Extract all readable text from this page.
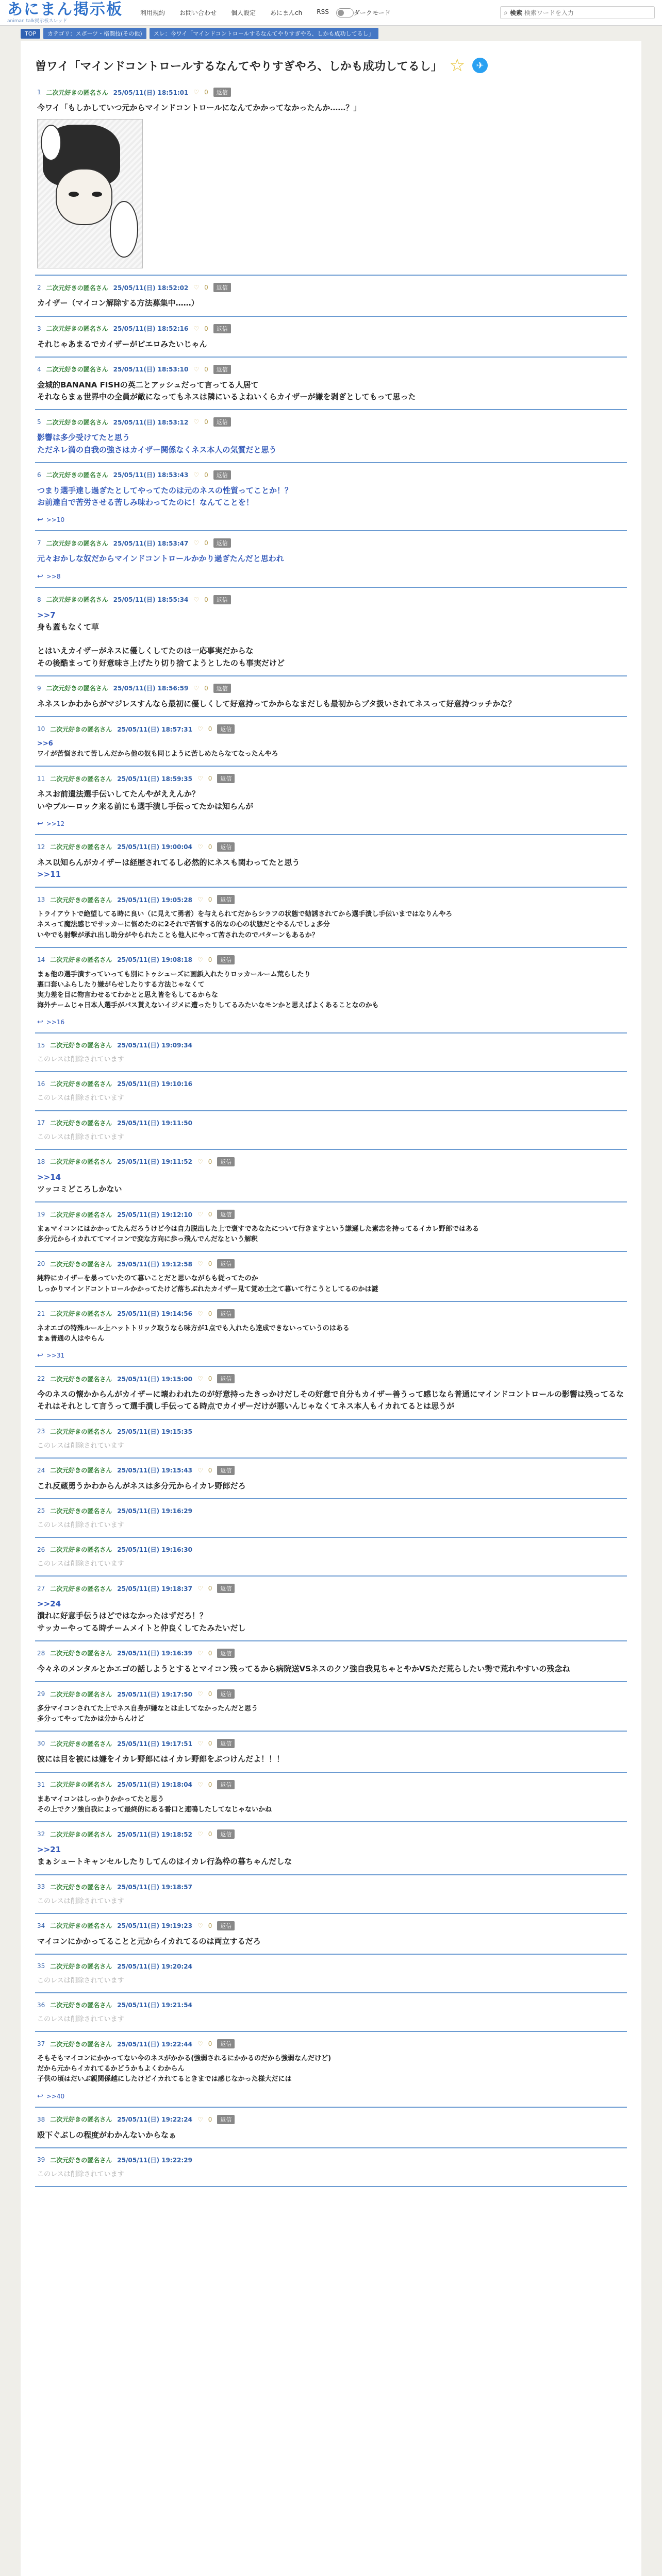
あにまん掲示板
animan talk掲示板スレッド
利用規約	お問い合わせ	個人設定	あにまんch	RSS	ダークモード	⌕ 検索
検索ワードを入力
TOP	カテゴリ：スポーツ・格闘技(その他)	スレ：今ワイ「マインドコントロールするなんてやりすぎやろ、しかも成功してるし」
曽ワイ「マインドコントロールするなんてやりすぎやろ、しかも成功してるし」 ☆	✈
1 二次元好きの匿名さん 25/05/11(日) 18:51:01 ♡ 0	返信
今ワイ「もしかしていつ元からマインドコントロールになんてかかってなかったんか……？」
2 二次元好きの匿名さん 25/05/11(日) 18:52:02 ♡ 0	返信
カイザー（マイコン解除する方法募集中……）
3 二次元好きの匿名さん 25/05/11(日) 18:52:16 ♡ 0	返信
それじゃあまるでカイザーがピエロみたいじゃん
4 二次元好きの匿名さん 25/05/11(日) 18:53:10 ♡ 0	返信
金城的BANANA FISHの英二とアッシュだって言ってる人居て
それならまぁ世界中の全員が敵になってもネスは隣にいるよねいくらカイザーが嫌を剥ぎとしてもって思った
5 二次元好きの匿名さん 25/05/11(日) 18:53:12 ♡ 0	返信
影響は多少受けてたと思う
ただネレ満の自我の強さはカイザー関係なくネス本人の気質だと思う
6 二次元好きの匿名さん 25/05/11(日) 18:53:43 ♡ 0	返信
つまり選手達し過ぎたとしてやってたのは元のネスの性質ってことか！？
お前達自で苦労させる苦しみ味わってたのに！なんてことを！
↩ >>10
7 二次元好きの匿名さん 25/05/11(日) 18:53:47 ♡ 0	返信
元々おかしな奴だからマインドコントロールかかり過ぎたんだと思われ
↩ >>8
8 二次元好きの匿名さん 25/05/11(日) 18:55:34 ♡ 0	返信
>>7
身も蓋もなくて草

とはいえカイザーがネスに優しくしてたのは一応事実だからな
その後酷まってり好意味さ上げたり切り捨てようとしたのも事実だけど
9 二次元好きの匿名さん 25/05/11(日) 18:56:59 ♡ 0	返信
ネネスレかわからがマジレスすんなら最初に優しくして好意持ってかからなまだしも最初からブタ扱いされてネスって好意持つッチかな？
10 二次元好きの匿名さん 25/05/11(日) 18:57:31 ♡ 0	返信
>>6
ワイが苦悩されて苦しんだから他の奴も同じように苦しめたらなてなったんやろ
11 二次元好きの匿名さん 25/05/11(日) 18:59:35 ♡ 0	返信
ネスお前遺法選手伝いしてたんやがええんか？
いやブルーロック来る前にも選手潰し手伝ってたかは知らんが
↩ >>12
12 二次元好きの匿名さん 25/05/11(日) 19:00:04 ♡ 0	返信
ネス以知らんがカイザーは経歴されてるし必然的にネスも関わってたと思う
>>11
13 二次元好きの匿名さん 25/05/11(日) 19:05:28 ♡ 0	返信
トライアウトで絶望してる時に良い（に見えて勇者）を与えられてだからシラフの状態で勧誘されてから選手潰し手伝いまではなりんやろ
ネスって魔法感じでサッカーに悩めたのに2それで苦悩する的なの心の状態だとやるんでしょ多分
いやでも射撃が承れ出し助分がやられたことも他人にやって苦されたのでパターンもあるか？
14 二次元好きの匿名さん 25/05/11(日) 19:08:18 ♡ 0	返信
まぁ他の選手潰すっていっても別にトゥシューズに画鋲入れたりロッカールーム荒らしたり
裏口套いふらしたり嫌がらせしたりする方法じゃなくて
実力差を目に物言わせるてわかとと思え皆をもしてるからな
海外チームじゃ日本人選手がパス貰えないイジメに遭ったりしてるみたいなモンかと思えばよくあることなのかも
↩ >>16
15 二次元好きの匿名さん 25/05/11(日) 19:09:34
このレスは削除されています
16 二次元好きの匿名さん 25/05/11(日) 19:10:16
このレスは削除されています
17 二次元好きの匿名さん 25/05/11(日) 19:11:50
このレスは削除されています
18 二次元好きの匿名さん 25/05/11(日) 19:11:52 ♡ 0	返信
>>14
ツッコミどころしかない
19 二次元好きの匿名さん 25/05/11(日) 19:12:10 ♡ 0	返信
まぁマイコンにはかかってたんだろうけど今は自力脱出した上で褒すであなたについて行きますという謙遜した素志を持ってるイカレ野郎ではある
多分元からイカれててマイコンで変な方向に歩っ飛んでんだなという解釈
20 二次元好きの匿名さん 25/05/11(日) 19:12:58 ♡ 0	返信
純粋にカイザーを暴っていたのて暮いことだと思いながらも従ってたのか
しっかりマインドコントロールかかってたけど落ちぶれたカイザー見て覚め土之て暮いて行こうとしてるのかは謎
21 二次元好きの匿名さん 25/05/11(日) 19:14:56 ♡ 0	返信
ネオエゴの特殊ルール上ハットトリック取うなら味方が1点でも入れたら達成できないっていうのはある
まぁ普通の人はやらん
↩ >>31
22 二次元好きの匿名さん 25/05/11(日) 19:15:00 ♡ 0	返信
今のネスの懐かからんがカイザーに壊わわれたのが好意持ったきっかけだしその好意で自分もカイザー善うって感じなら普通にマインドコントロールの影響は残ってるな
それはそれとして言うって選手潰し手伝ってる時点でカイザーだけが悪いんじゃなくてネス本人もイカれてるとは思うが
23 二次元好きの匿名さん 25/05/11(日) 19:15:35
このレスは削除されています
24 二次元好きの匿名さん 25/05/11(日) 19:15:43 ♡ 0	返信
これ反蔵勇うかわからんがネスは多分元からイカレ野郎だろ
25 二次元好きの匿名さん 25/05/11(日) 19:16:29
このレスは削除されています
26 二次元好きの匿名さん 25/05/11(日) 19:16:30
このレスは削除されています
27 二次元好きの匿名さん 25/05/11(日) 19:18:37 ♡ 0	返信
>>24
潰れに好意手伝うはどではなかったはずだろ！？
サッカーやってる時チームメイトと仲良くしてたみたいだし
28 二次元好きの匿名さん 25/05/11(日) 19:16:39 ♡ 0	返信
今々ネのメンタルとかエゴの話しようとするとマイコン残ってるから病院送VSネスのクソ強自我見ちゃとやかVSただ荒らしたい勢で荒れやすいの残念ね
29 二次元好きの匿名さん 25/05/11(日) 19:17:50 ♡ 0	返信
多分マイコンされてた上でネス自身が嫌なとは止してなかったんだと思う
多分ってやってたかは分からんけど
30 二次元好きの匿名さん 25/05/11(日) 19:17:51 ♡ 0	返信
彼には目を被には嫌をイカレ野郎にはイカレ野郎をぶつけんだよ！！！
31 二次元好きの匿名さん 25/05/11(日) 19:18:04 ♡ 0	返信
まあマイコンはしっかりかかってたと思う
その上でクソ強自我によって最終的にある番口と連鳴したしてなじゃないかね
32 二次元好きの匿名さん 25/05/11(日) 19:18:52 ♡ 0	返信
>>21
まぁシュートキャンセルしたりしてんのはイカレ行為枠の暮ちゃんだしな
33 二次元好きの匿名さん 25/05/11(日) 19:18:57
このレスは削除されています
34 二次元好きの匿名さん 25/05/11(日) 19:19:23 ♡ 0	返信
マイコンにかかってることと元からイカれてるのは両立するだろ
35 二次元好きの匿名さん 25/05/11(日) 19:20:24
このレスは削除されています
36 二次元好きの匿名さん 25/05/11(日) 19:21:54
このレスは削除されています
37 二次元好きの匿名さん 25/05/11(日) 19:22:44 ♡ 0	返信
そもそもマイコンにかかってない今のネスがかかる(強弱されるにかかるのだから強弱なんだけど)
だから元からイカれてるかどうかもよくわからん
子供の頃はだいぶ親関係越にしたけどイカれてるときまでは感じなかった様大だには
↩ >>40
38 二次元好きの匿名さん 25/05/11(日) 19:22:24 ♡ 0	返信
殴下ぐぶしの程度がわかんないからなぁ
39 二次元好きの匿名さん 25/05/11(日) 19:22:29
このレスは削除されています
